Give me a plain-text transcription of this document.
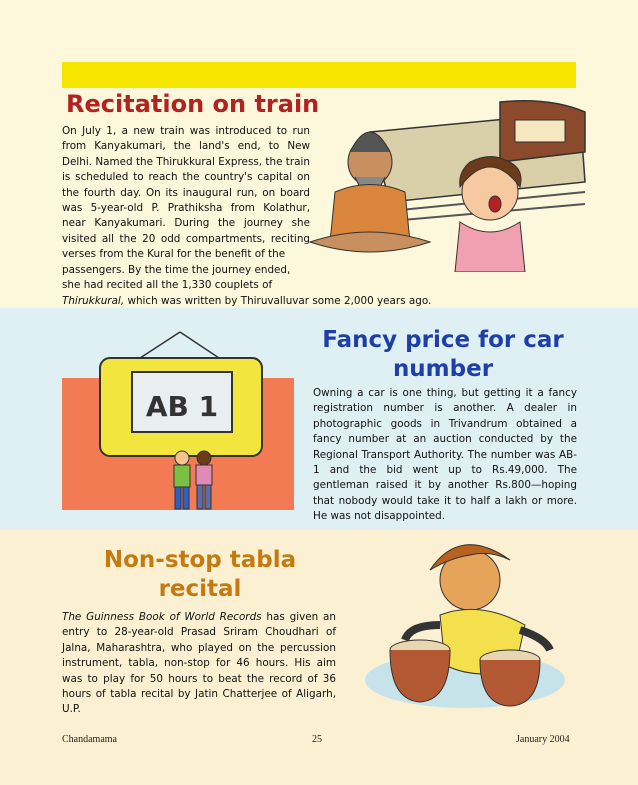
Recitation on train

On July 1, a new train was introduced to run from Kanyakumari, the land's end, to New Delhi. Named the Thirukkural Express, the train is scheduled to reach the country's capital on the fourth day. On its inaugural run, on board was 5-year-old P. Prathiksha from Kolathur, near Kanyakumari. During the journey she visited all the 20 odd compartments, reciting verses from the Kural for the benefit of the

passengers. By the time the journey ended,
she had recited all the 1,330 couplets of
Thirukkural, which was written by Thiruvalluvar some 2,000 years ago.

Fancy price for car
number

Owning a car is one thing, but getting it a fancy registration number is another. A dealer in photographic goods in Trivandrum obtained a fancy number at an auction conducted by the Regional Transport Authority. The number was AB-1 and the bid went up to Rs.49,000. The gentleman raised it by another Rs.800—hoping that nobody would take it to half a lakh or more. He was not disappointed.

AB 1
Non-stop tabla
recital

The Guinness Book of World Records has given an entry to 28-year-old Prasad Sriram Choudhari of Jalna, Maharashtra, who played on the percussion instrument, tabla, non-stop for 46 hours. His aim was to play for 50 hours to beat the record of 36 hours of tabla recital by Jatin Chatterjee of Aligarh, U.P.

Chandamama	25	January 2004
